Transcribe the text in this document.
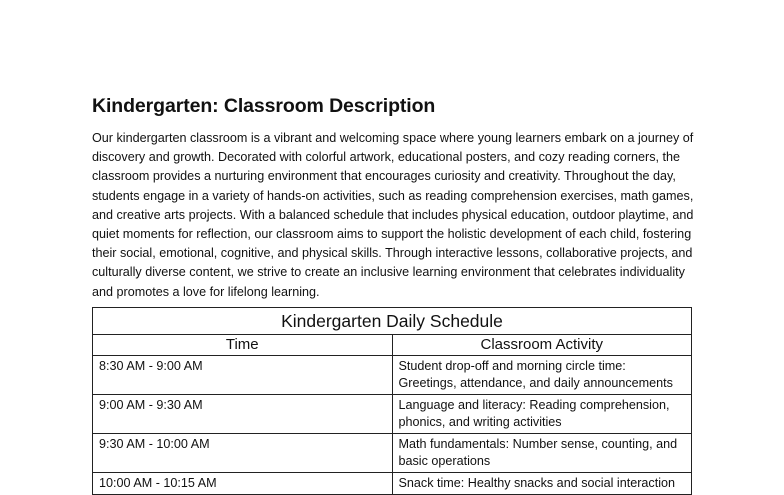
Kindergarten: Classroom Description

Our kindergarten classroom is a vibrant and welcoming space where young learners embark on a journey of discovery and growth. Decorated with colorful artwork, educational posters, and cozy reading corners, the classroom provides a nurturing environment that encourages curiosity and creativity. Throughout the day, students engage in a variety of hands-on activities, such as reading comprehension exercises, math games, and creative arts projects. With a balanced schedule that includes physical education, outdoor playtime, and quiet moments for reflection, our classroom aims to support the holistic development of each child, fostering their social, emotional, cognitive, and physical skills. Through interactive lessons, collaborative projects, and culturally diverse content, we strive to create an inclusive learning environment that celebrates individuality and promotes a love for lifelong learning.

Kindergarten Daily Schedule	
Time	Classroom Activity
8:30 AM - 9:00 AM	Student drop-off and morning circle time: Greetings, attendance, and daily announcements
9:00 AM - 9:30 AM	Language and literacy: Reading comprehension, phonics, and writing activities
9:30 AM - 10:00 AM	Math fundamentals: Number sense, counting, and basic operations
10:00 AM - 10:15 AM	Snack time: Healthy snacks and social interaction
